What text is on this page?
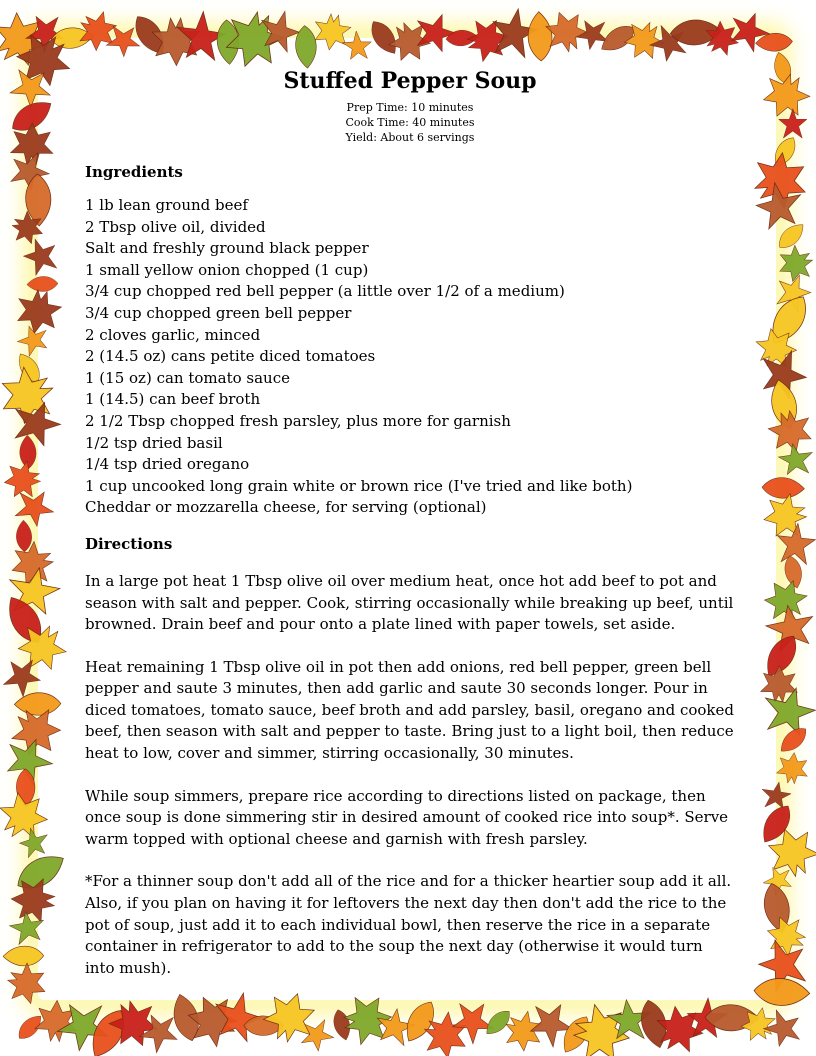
Stuffed Pepper Soup
Prep Time: 10 minutes
Cook Time: 40 minutes
Yield: About 6 servings
Ingredients
1 lb lean ground beef
2 Tbsp olive oil, divided
Salt and freshly ground black pepper
1 small yellow onion chopped (1 cup)
3/4 cup chopped red bell pepper (a little over 1/2 of a medium)
3/4 cup chopped green bell pepper
2 cloves garlic, minced
2 (14.5 oz) cans petite diced tomatoes
1 (15 oz) can tomato sauce
1 (14.5) can beef broth
2 1/2 Tbsp chopped fresh parsley, plus more for garnish
1/2 tsp dried basil
1/4 tsp dried oregano
1 cup uncooked long grain white or brown rice (I've tried and like both)
Cheddar or mozzarella cheese, for serving (optional)
Directions

In a large pot heat 1 Tbsp olive oil over medium heat, once hot add beef to pot and season with salt and pepper. Cook, stirring occasionally while breaking up beef, until browned. Drain beef and pour onto a plate lined with paper towels, set aside.

Heat remaining 1 Tbsp olive oil in pot then add onions, red bell pepper, green bell pepper and saute 3 minutes, then add garlic and saute 30 seconds longer. Pour in diced tomatoes, tomato sauce, beef broth and add parsley, basil, oregano and cooked beef, then season with salt and pepper to taste. Bring just to a light boil, then reduce heat to low, cover and simmer, stirring occasionally, 30 minutes.

While soup simmers, prepare rice according to directions listed on package, then once soup is done simmering stir in desired amount of cooked rice into soup*. Serve warm topped with optional cheese and garnish with fresh parsley.

*For a thinner soup don't add all of the rice and for a thicker heartier soup add it all. Also, if you plan on having it for leftovers the next day then don't add the rice to the pot of soup, just add it to each individual bowl, then reserve the rice in a separate container in refrigerator to add to the soup the next day (otherwise it would turn into mush).
